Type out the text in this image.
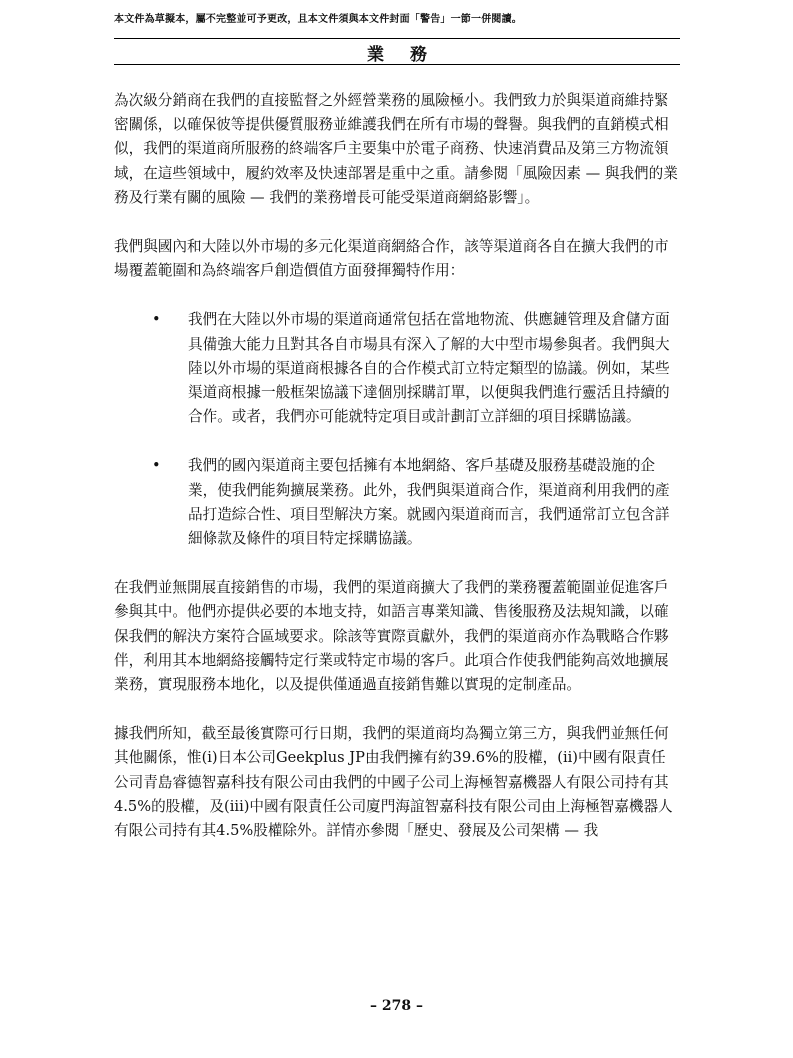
本文件為草擬本，屬不完整並可予更改，且本文件須與本文件封面「警告」一節一併閱讀。
業務

為次級分銷商在我們的直接監督之外經營業務的風險極小。我們致力於與渠道商維持緊密關係，以確保彼等提供優質服務並維護我們在所有市場的聲譽。與我們的直銷模式相似，我們的渠道商所服務的終端客戶主要集中於電子商務、快速消費品及第三方物流領域，在這些領域中，履約效率及快速部署是重中之重。請參閱「風險因素 — 與我們的業務及行業有關的風險 — 我們的業務增長可能受渠道商網絡影響」。

我們與國內和大陸以外市場的多元化渠道商網絡合作，該等渠道商各自在擴大我們的市場覆蓋範圍和為終端客戶創造價值方面發揮獨特作用：

• 我們在大陸以外市場的渠道商通常包括在當地物流、供應鏈管理及倉儲方面具備強大能力且對其各自市場具有深入了解的大中型市場參與者。我們與大陸以外市場的渠道商根據各自的合作模式訂立特定類型的協議。例如，某些渠道商根據一般框架協議下達個別採購訂單，以便與我們進行靈活且持續的合作。或者，我們亦可能就特定項目或計劃訂立詳細的項目採購協議。

• 我們的國內渠道商主要包括擁有本地網絡、客戶基礎及服務基礎設施的企業，使我們能夠擴展業務。此外，我們與渠道商合作，渠道商利用我們的產品打造綜合性、項目型解決方案。就國內渠道商而言，我們通常訂立包含詳細條款及條件的項目特定採購協議。

在我們並無開展直接銷售的市場，我們的渠道商擴大了我們的業務覆蓋範圍並促進客戶參與其中。他們亦提供必要的本地支持，如語言專業知識、售後服務及法規知識，以確保我們的解決方案符合區域要求。除該等實際貢獻外，我們的渠道商亦作為戰略合作夥伴，利用其本地網絡接觸特定行業或特定市場的客戶。此項合作使我們能夠高效地擴展業務，實現服務本地化，以及提供僅通過直接銷售難以實現的定制產品。

據我們所知，截至最後實際可行日期，我們的渠道商均為獨立第三方，與我們並無任何其他關係，惟(i)日本公司Geekplus JP由我們擁有約39.6%的股權，(ii)中國有限責任公司青島睿德智嘉科技有限公司由我們的中國子公司上海極智嘉機器人有限公司持有其4.5%的股權，及(iii)中國有限責任公司廈門海誼智嘉科技有限公司由上海極智嘉機器人有限公司持有其4.5%股權除外。詳情亦參閱「歷史、發展及公司架構 — 我

– 278 –
